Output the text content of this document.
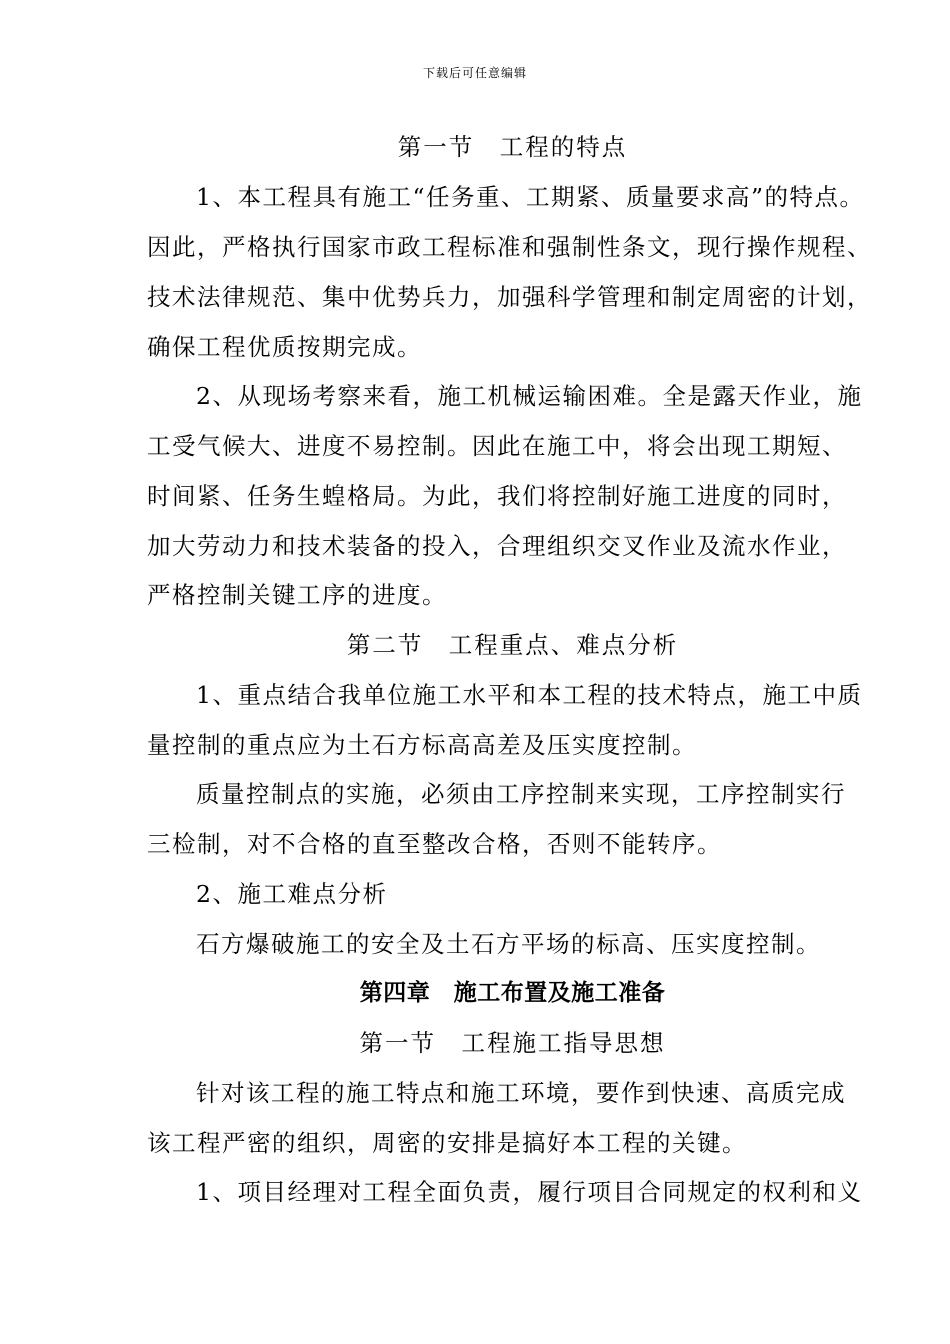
下载后可任意编辑
第一节　工程的特点
1、本工程具有施工“任务重、工期紧、质量要求高”的特点。
因此，严格执行国家市政工程标准和强制性条文，现行操作规程、
技术法律规范、集中优势兵力，加强科学管理和制定周密的计划，
确保工程优质按期完成。
2、从现场考察来看，施工机械运输困难。全是露天作业，施
工受气候大、进度不易控制。因此在施工中，将会出现工期短、
时间紧、任务生蝗格局。为此，我们将控制好施工进度的同时，
加大劳动力和技术装备的投入，合理组织交叉作业及流水作业，
严格控制关键工序的进度。
第二节　工程重点、难点分析
1、重点结合我单位施工水平和本工程的技术特点，施工中质
量控制的重点应为土石方标高高差及压实度控制。
质量控制点的实施，必须由工序控制来实现，工序控制实行
三检制，对不合格的直至整改合格，否则不能转序。
2、施工难点分析
石方爆破施工的安全及土石方平场的标高、压实度控制。
第四章　施工布置及施工准备
第一节　工程施工指导思想
针对该工程的施工特点和施工环境，要作到快速、高质完成
该工程严密的组织，周密的安排是搞好本工程的关键。
1、项目经理对工程全面负责，履行项目合同规定的权利和义
